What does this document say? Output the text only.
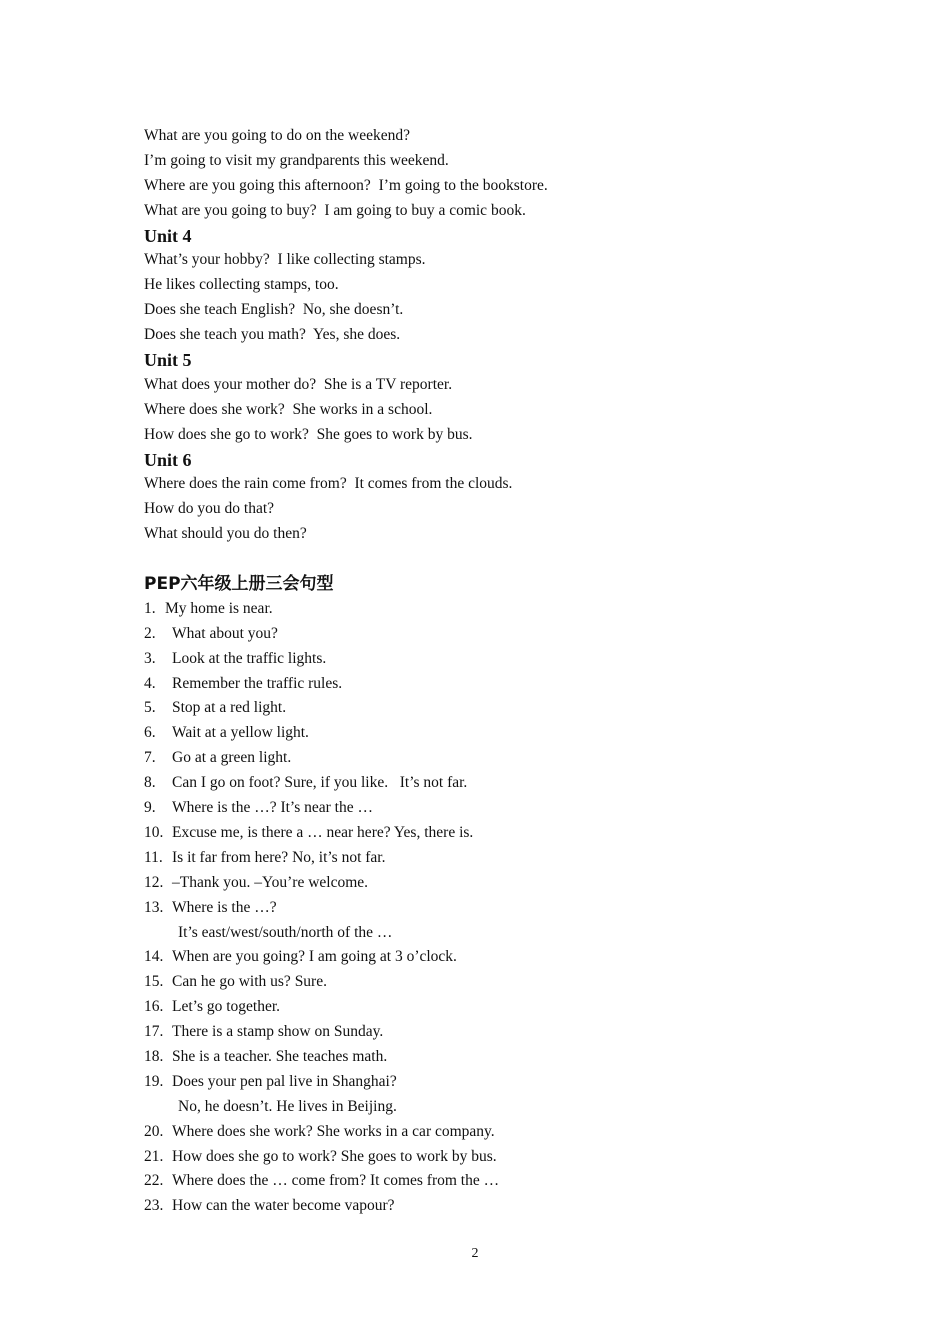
What are you going to do on the weekend?
I’m going to visit my grandparents this weekend.
Where are you going this afternoon?  I’m going to the bookstore.
What are you going to buy?  I am going to buy a comic book.
Unit 4
What’s your hobby?  I like collecting stamps.
He likes collecting stamps, too.
Does she teach English?  No, she doesn’t.
Does she teach you math?  Yes, she does.
Unit 5
What does your mother do?  She is a TV reporter.
Where does she work?  She works in a school.
How does she go to work?  She goes to work by bus.
Unit 6
Where does the rain come from?  It comes from the clouds.
How do you do that?
What should you do then?
PEP六年级上册三会句型
1. My home is near.
2.	What about you?
3.	Look at the traffic lights.
4.	Remember the traffic rules.
5.	Stop at a red light.
6.	Wait at a yellow light.
7.	Go at a green light.
8.	Can I go on foot? Sure, if you like.   It’s not far.
9.	Where is the …? It’s near the …
10. Excuse me, is there a … near here? Yes, there is.
11. Is it far from here? No, it’s not far.
12. –Thank you. –You’re welcome.
13. Where is the …?
It’s east/west/south/north of the …
14. When are you going? I am going at 3 o’clock.
15. Can he go with us? Sure.
16. Let’s go together.
17. There is a stamp show on Sunday.
18. She is a teacher. She teaches math.
19. Does your pen pal live in Shanghai?
No, he doesn’t. He lives in Beijing.
20. Where does she work? She works in a car company.
21. How does she go to work? She goes to work by bus.
22. Where does the … come from? It comes from the …
23. How can the water become vapour?
2
